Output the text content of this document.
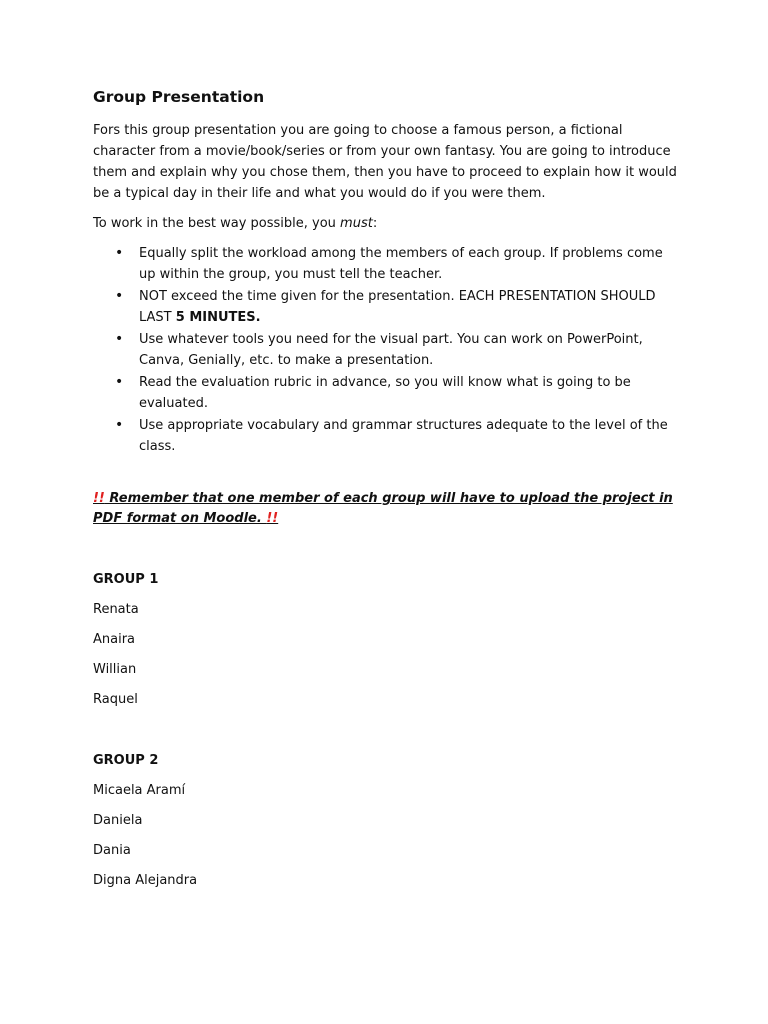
Group Presentation

Fors this group presentation you are going to choose a famous person, a fictional character from a movie/book/series or from your own fantasy. You are going to introduce them and explain why you chose them, then you have to proceed to explain how it would be a typical day in their life and what you would do if you were them.

To work in the best way possible, you must:

• Equally split the workload among the members of each group. If problems come up within the group, you must tell the teacher.
• NOT exceed the time given for the presentation. EACH PRESENTATION SHOULD LAST 5 MINUTES.
• Use whatever tools you need for the visual part. You can work on PowerPoint, Canva, Genially, etc. to make a presentation.
• Read the evaluation rubric in advance, so you will know what is going to be evaluated.
• Use appropriate vocabulary and grammar structures adequate to the level of the class.

!! Remember that one member of each group will have to upload the project in PDF format on Moodle. !!

GROUP 1
Renata
Anaira
Willian
Raquel
GROUP 2
Micaela Aramí
Daniela
Dania
Digna Alejandra
